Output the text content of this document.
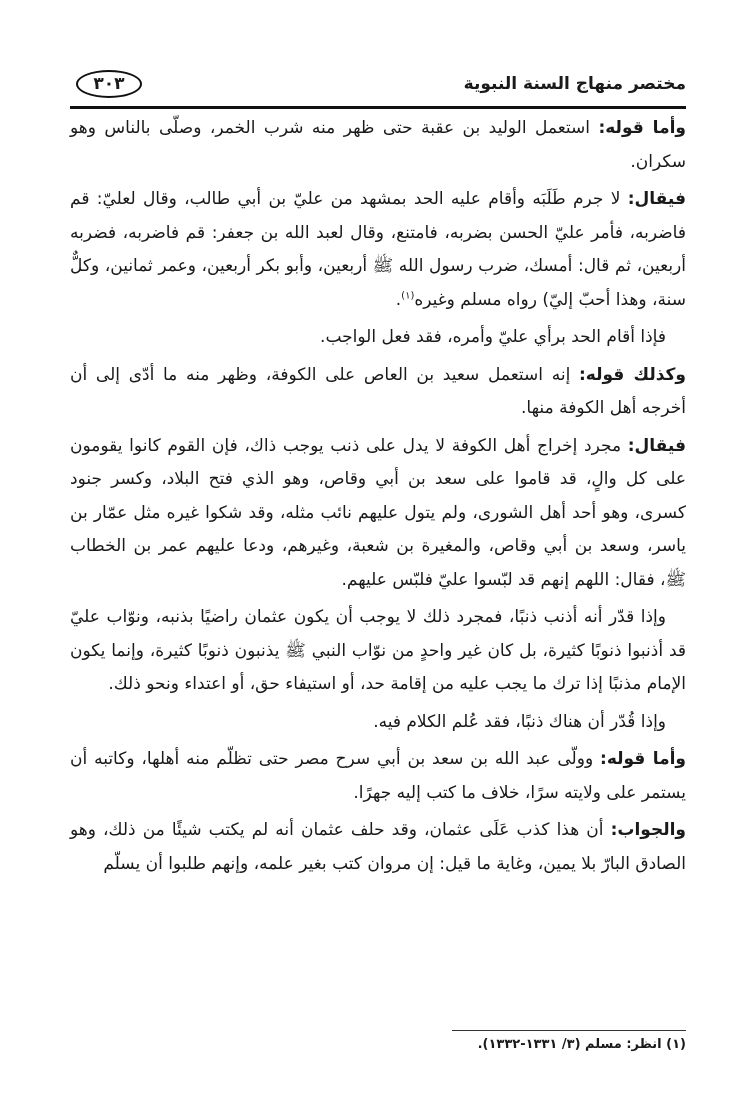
٣٠٣	مختصر منهاج السنة النبوية

وأما قوله: استعمل الوليد بن عقبة حتى ظهر منه شرب الخمر، وصلّى بالناس وهو سكران.

فيقال: لا جرم طَلَبَه وأقام عليه الحد بمشهد من عليّ بن أبي طالب، وقال لعليّ: قم فاضربه، فأمر عليّ الحسن بضربه، فامتنع، وقال لعبد الله بن جعفر: قم فاضربه، فضربه أربعين، ثم قال: أمسك، ضرب رسول الله ﷺ أربعين، وأبو بكر أربعين، وعمر ثمانين، وكلٌّ سنة، وهذا أحبّ إليّ) رواه مسلم وغيره$^{(١)}$.

فإذا أقام الحد برأي عليّ وأمره، فقد فعل الواجب.

وكذلك قوله: إنه استعمل سعيد بن العاص على الكوفة، وظهر منه ما أدّى إلى أن أخرجه أهل الكوفة منها.

فيقال: مجرد إخراج أهل الكوفة لا يدل على ذنب يوجب ذاك، فإن القوم كانوا يقومون على كل والٍ، قد قاموا على سعد بن أبي وقاص، وهو الذي فتح البلاد، وكسر جنود كسرى، وهو أحد أهل الشورى، ولم يتول عليهم نائب مثله، وقد شكوا غيره مثل عمّار بن ياسر، وسعد بن أبي وقاص، والمغيرة بن شعبة، وغيرهم، ودعا عليهم عمر بن الخطاب ﷺ، فقال: اللهم إنهم قد لبّسوا عليّ فلبّس عليهم.

وإذا قدّر أنه أذنب ذنبًا، فمجرد ذلك لا يوجب أن يكون عثمان راضيًا بذنبه، ونوّاب عليّ قد أذنبوا ذنوبًا كثيرة، بل كان غير واحدٍ من نوّاب النبي ﷺ يذنبون ذنوبًا كثيرة، وإنما يكون الإمام مذنبًا إذا ترك ما يجب عليه من إقامة حد، أو استيفاء حق، أو اعتداء ونحو ذلك.

وإذا قُدّر أن هناك ذنبًا، فقد عُلم الكلام فيه.

وأما قوله: وولّى عبد الله بن سعد بن أبي سرح مصر حتى تظلّم منه أهلها، وكاتبه أن يستمر على ولايته سرًا، خلاف ما كتب إليه جهرًا.

والجواب: أن هذا كذب عَلَى عثمان، وقد حلف عثمان أنه لم يكتب شيئًا من ذلك، وهو الصادق البارّ بلا يمين، وغاية ما قيل: إن مروان كتب بغير علمه، وإنهم طلبوا أن يسلّم

(١) انظر: مسلم (٣/ ١٣٣١-١٣٣٢).
